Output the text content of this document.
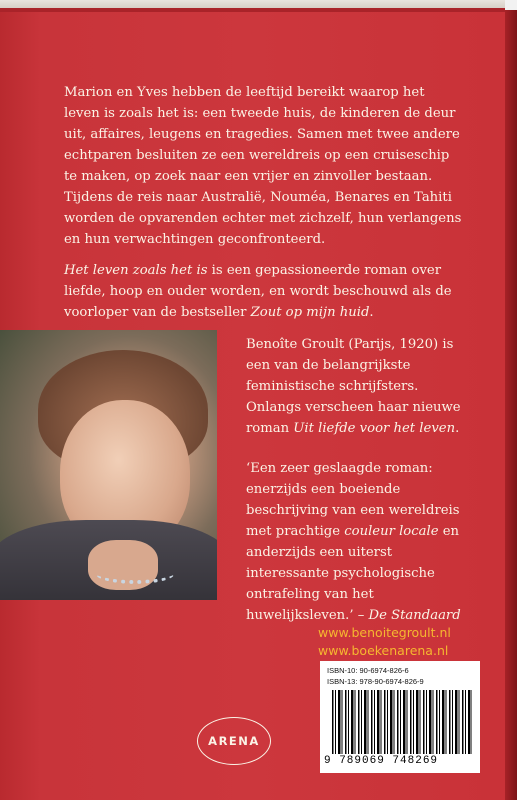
Marion en Yves hebben de leeftijd bereikt waarop het leven is zoals het is: een tweede huis, de kinderen de deur uit, affaires, leugens en tragedies. Samen met twee andere echtparen besluiten ze een wereldreis op een cruiseschip te maken, op zoek naar een vrijer en zinvoller bestaan. Tijdens de reis naar Australië, Nouméa, Benares en Tahiti worden de opvarenden echter met zichzelf, hun verlangens en hun verwachtingen geconfronteerd.

Het leven zoals het is is een gepassioneerde roman over liefde, hoop en ouder worden, en wordt beschouwd als de voorloper van de bestseller Zout op mijn huid.

Benoîte Groult (Parijs, 1920) is een van de belangrijkste feministische schrijfsters. Onlangs verscheen haar nieuwe roman Uit liefde voor het leven.
‘Een zeer geslaagde roman: enerzijds een boeiende beschrijving van een wereldreis met prachtige couleur locale en anderzijds een uiterst interessante psychologische ontrafeling van het huwelijksleven.’ – De Standaard
www.benoitegroult.nl
www.boekenarena.nl
ARENA
ISBN-10: 90-6974-826-6
ISBN-13: 978-90-6974-826-9
9 789069 748269
